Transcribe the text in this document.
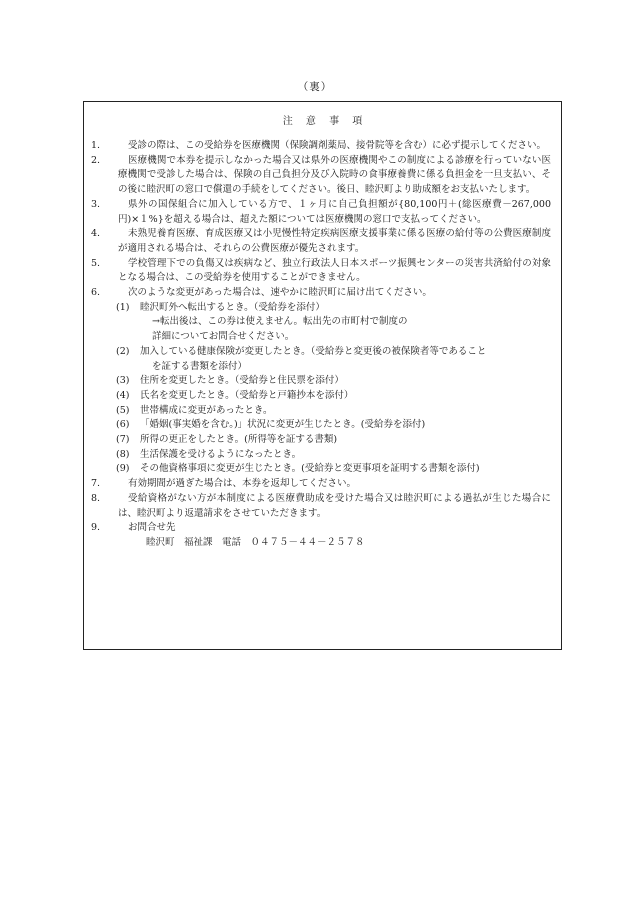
（裏）
注 意 事 項
1.	受診の際は、この受給券を医療機関（保険調剤薬局、接骨院等を含む）に必ず提示してください。
2.	医療機関で本券を提示しなかった場合又は県外の医療機関やこの制度による診療を行っていない医療機関で受診した場合は、保険の自己負担分及び入院時の食事療養費に係る負担金を一旦支払い、その後に睦沢町の窓口で償還の手続をしてください。後日、睦沢町より助成額をお支払いたします。
3.	県外の国保組合に加入している方で、１ヶ月に自己負担額が{80,100円＋(総医療費－267,000円)×１%}を超える場合は、超えた額については医療機関の窓口で支払ってください。
4.	未熟児養育医療、育成医療又は小児慢性特定疾病医療支援事業に係る医療の給付等の公費医療制度が適用される場合は、それらの公費医療が優先されます。
5.	学校管理下での負傷又は疾病など、独立行政法人日本スポーツ振興センターの災害共済給付の対象となる場合は、この受給券を使用することができません。
6.	次のような変更があった場合は、速やかに睦沢町に届け出てください。
(1) 睦沢町外へ転出するとき。（受給券を添付）
→転出後は、この券は使えません。転出先の市町村で制度の
詳細についてお問合せください。
(2) 加入している健康保険が変更したとき。（受給券と変更後の被保険者等であること
を証する書類を添付）
(3) 住所を変更したとき。（受給券と住民票を添付）
(4) 氏名を変更したとき。（受給券と戸籍抄本を添付）
(5) 世帯構成に変更があったとき。
(6) 「婚姻(事実婚を含む。)」状況に変更が生じたとき。(受給券を添付)
(7) 所得の更正をしたとき。(所得等を証する書類)
(8) 生活保護を受けるようになったとき。
(9) その他資格事項に変更が生じたとき。(受給券と変更事項を証明する書類を添付)
7.	有効期間が過ぎた場合は、本券を返却してください。
8.	受給資格がない方が本制度による医療費助成を受けた場合又は睦沢町による過払が生じた場合には、睦沢町より返還請求をさせていただきます。
9.	お問合せ先
睦沢町　福祉課　電話　０４７５－４４－２５７８
